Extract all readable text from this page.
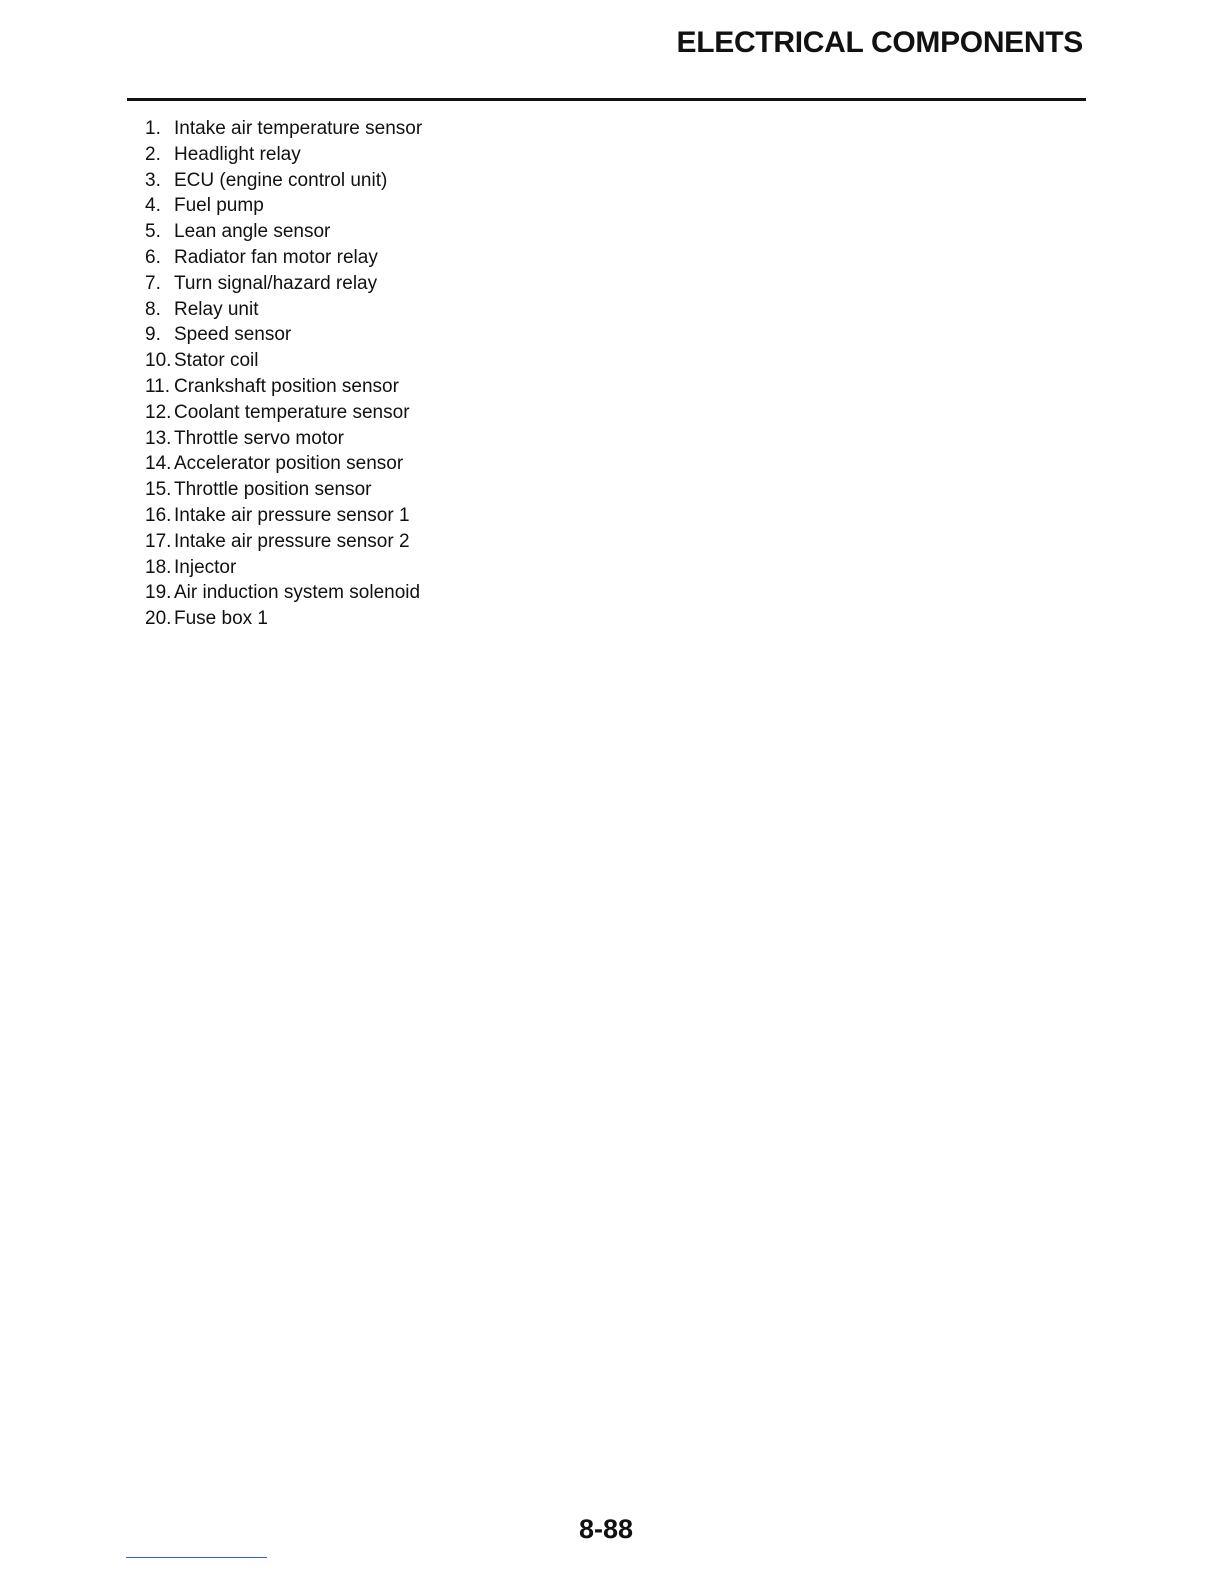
ELECTRICAL COMPONENTS
1. Intake air temperature sensor
2. Headlight relay
3. ECU (engine control unit)
4. Fuel pump
5. Lean angle sensor
6. Radiator fan motor relay
7. Turn signal/hazard relay
8. Relay unit
9. Speed sensor
10. Stator coil
11. Crankshaft position sensor
12. Coolant temperature sensor
13. Throttle servo motor
14. Accelerator position sensor
15. Throttle position sensor
16. Intake air pressure sensor 1
17. Intake air pressure sensor 2
18. Injector
19. Air induction system solenoid
20. Fuse box 1
8-88
